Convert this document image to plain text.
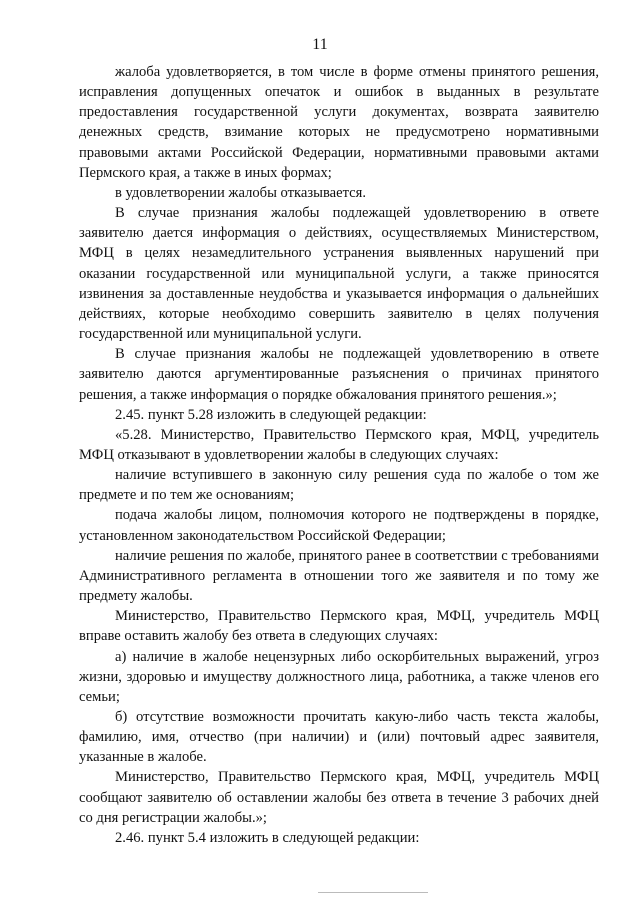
11

жалоба удовлетворяется, в том числе в форме отмены принятого решения, исправления допущенных опечаток и ошибок в выданных в результате предоставления государственной услуги документах, возврата заявителю денежных средств, взимание которых не предусмотрено нормативными правовыми актами Российской Федерации, нормативными правовыми актами Пермского края, а также в иных формах;

в удовлетворении жалобы отказывается.

В случае признания жалобы подлежащей удовлетворению в ответе заявителю дается информация о действиях, осуществляемых Министерством, МФЦ в целях незамедлительного устранения выявленных нарушений при оказании государственной или муниципальной услуги, а также приносятся извинения за доставленные неудобства и указывается информация о дальнейших действиях, которые необходимо совершить заявителю в целях получения государственной или муниципальной услуги.

В случае признания жалобы не подлежащей удовлетворению в ответе заявителю даются аргументированные разъяснения о причинах принятого решения, а также информация о порядке обжалования принятого решения.»;

2.45. пункт 5.28 изложить в следующей редакции:

«5.28. Министерство, Правительство Пермского края, МФЦ, учредитель МФЦ отказывают в удовлетворении жалобы в следующих случаях:

наличие вступившего в законную силу решения суда по жалобе о том же предмете и по тем же основаниям;

подача жалобы лицом, полномочия которого не подтверждены в порядке, установленном законодательством Российской Федерации;

наличие решения по жалобе, принятого ранее в соответствии с требованиями Административного регламента в отношении того же заявителя и по тому же предмету жалобы.

Министерство, Правительство Пермского края, МФЦ, учредитель МФЦ вправе оставить жалобу без ответа в следующих случаях:

а) наличие в жалобе нецензурных либо оскорбительных выражений, угроз жизни, здоровью и имуществу должностного лица, работника, а также членов его семьи;

б) отсутствие возможности прочитать какую-либо часть текста жалобы, фамилию, имя, отчество (при наличии) и (или) почтовый адрес заявителя, указанные в жалобе.

Министерство, Правительство Пермского края, МФЦ, учредитель МФЦ сообщают заявителю об оставлении жалобы без ответа в течение 3 рабочих дней со дня регистрации жалобы.»;

2.46. пункт 5.4 изложить в следующей редакции:
